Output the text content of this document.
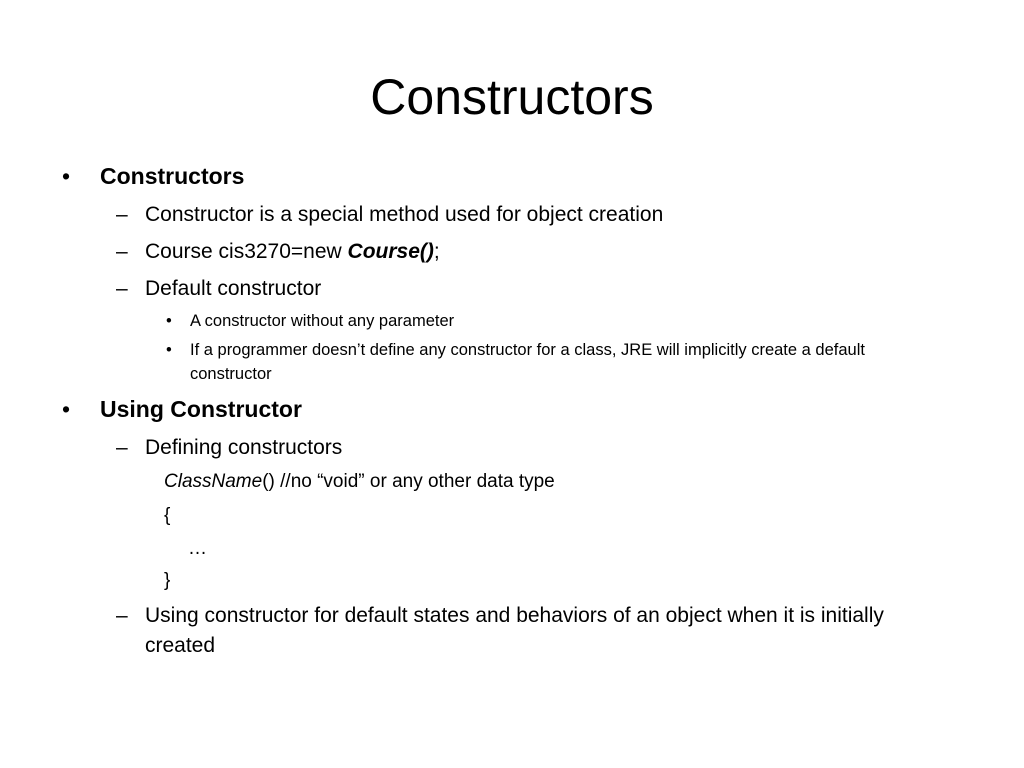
Constructors
• Constructors
– Constructor is a special method used for object creation
– Course cis3270=new Course();
– Default constructor
• A constructor without any parameter
• If a programmer doesn’t define any constructor for a class, JRE will implicitly create a default constructor
• Using Constructor
– Defining constructors
ClassName() //no “void” or any other data type
{
…
}
– Using constructor for default states and behaviors of an object when it is initially created
